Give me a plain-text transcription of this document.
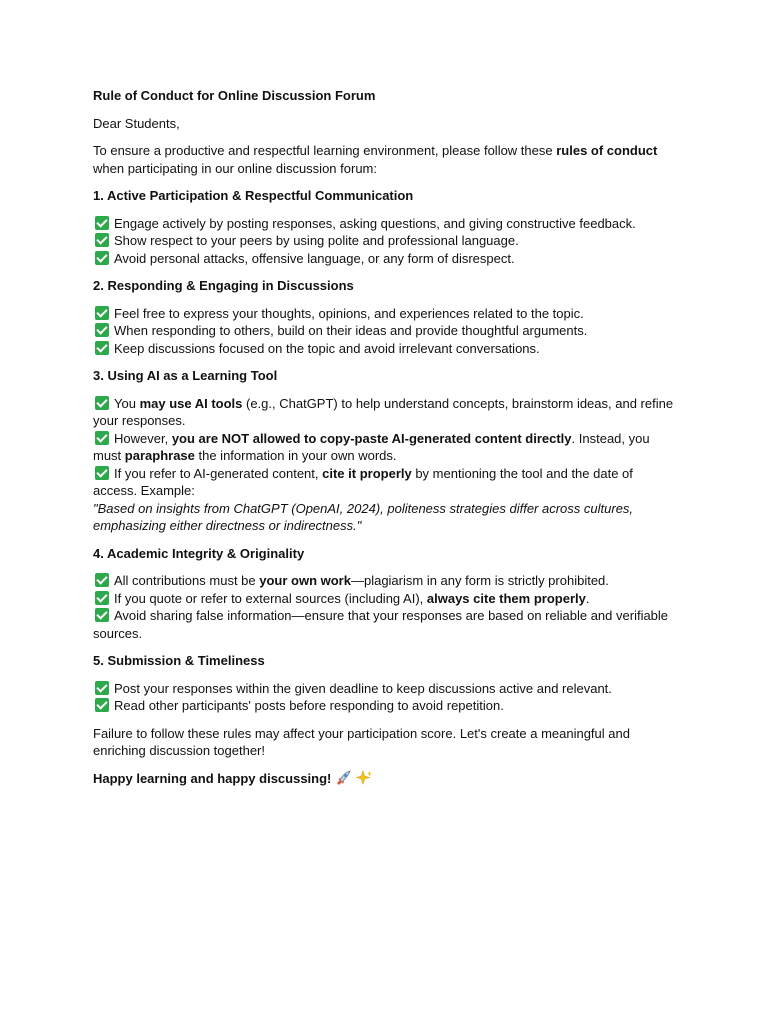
Rule of Conduct for Online Discussion Forum

Dear Students,

To ensure a productive and respectful learning environment, please follow these rules of conduct when participating in our online discussion forum:

1. Active Participation & Respectful Communication

Engage actively by posting responses, asking questions, and giving constructive feedback.

Show respect to your peers by using polite and professional language.

Avoid personal attacks, offensive language, or any form of disrespect.

2. Responding & Engaging in Discussions

Feel free to express your thoughts, opinions, and experiences related to the topic.

When responding to others, build on their ideas and provide thoughtful arguments.

Keep discussions focused on the topic and avoid irrelevant conversations.

3. Using AI as a Learning Tool

You may use AI tools (e.g., ChatGPT) to help understand concepts, brainstorm ideas, and refine your responses.

However, you are NOT allowed to copy-paste AI-generated content directly. Instead, you must paraphrase the information in your own words.

If you refer to AI-generated content, cite it properly by mentioning the tool and the date of access. Example:

"Based on insights from ChatGPT (OpenAI, 2024), politeness strategies differ across cultures, emphasizing either directness or indirectness."

4. Academic Integrity & Originality

All contributions must be your own work—plagiarism in any form is strictly prohibited.

If you quote or refer to external sources (including AI), always cite them properly.

Avoid sharing false information—ensure that your responses are based on reliable and verifiable sources.

5. Submission & Timeliness

Post your responses within the given deadline to keep discussions active and relevant.

Read other participants' posts before responding to avoid repetition.

Failure to follow these rules may affect your participation score. Let's create a meaningful and enriching discussion together!

Happy learning and happy discussing!
